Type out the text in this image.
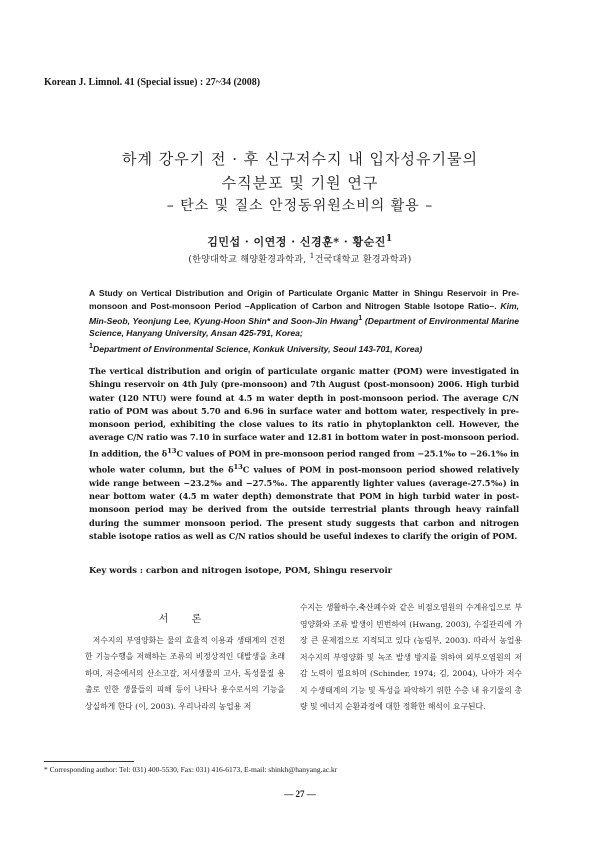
Korean J. Limnol. 41 (Special issue) : 27~34 (2008)
하계 강우기 전 · 후 신구저수지 내 입자성유기물의
수직분포 및 기원 연구
– 탄소 및 질소 안정동위원소비의 활용 –
김민섭 · 이연정 · 신경훈* · 황순진$^1$
(한양대학교 해양환경과학과, $^1$건국대학교 환경과학과)
A Study on Vertical Distribution and Origin of Particulate Organic Matter in Shingu Reservoir in Pre-monsoon and Post-monsoon Period –Application of Carbon and Nitrogen Stable Isotope Ratio–. Kim, Min-Seob, Yeonjung Lee, Kyung-Hoon Shin* and Soon-Jin Hwang$^1$ (Department of Environmental Marine Science, Hanyang University, Ansan 425-791, Korea;
$^1$Department of Environmental Science, Konkuk University, Seoul 143-701, Korea)
The vertical distribution and origin of particulate organic matter (POM) were investigated in Shingu reservoir on 4th July (pre-monsoon) and 7th August (post-monsoon) 2006. High turbid water (120 NTU) were found at 4.5 m water depth in post-monsoon period. The average C/N ratio of POM was about 5.70 and 6.96 in surface water and bottom water, respectively in pre-monsoon period, exhibiting the close values to its ratio in phytoplankton cell. However, the average C/N ratio was 7.10 in surface water and 12.81 in bottom water in post-monsoon period. In addition, the $\delta^{13}C$ values of POM in pre-monsoon period ranged from −25.1‰ to −26.1‰ in whole water column, but the $\delta^{13}C$ values of POM in post-monsoon period showed relatively wide range between −23.2‰ and −27.5‰. The apparently lighter values (average-27.5‰) in near bottom water (4.5 m water depth) demonstrate that POM in high turbid water in post-monsoon period may be derived from the outside terrestrial plants through heavy rainfall during the summer monsoon period. The present study suggests that carbon and nitrogen stable isotope ratios as well as C/N ratios should be useful indexes to clarify the origin of POM.
Key words : carbon and nitrogen isotope, POM, Shingu reservoir
서 론
저수지의 부영양화는 물의 효율적 이용과 생태계의 건전한 기능수행을 저해하는 조류의 비정상적인 대발생을 초래하며, 저층에서의 산소고갈, 저서생물의 고사, 독성물질 용출로 인한 생물들의 피해 등이 나타나 용수로서의 기능을 상실하게 한다 (이, 2003). 우리나라의 농업용 저
수지는 생활하수,축산폐수와 같은 비점오염원의 수계유입으로 부영양화와 조류 발생이 빈번하여 (Hwang, 2003), 수질관리에 가장 큰 문제점으로 지적되고 있다 (농림부, 2003). 따라서 농업용 저수지의 부영양화 및 녹조 발생 방지를 위하여 외부오염원의 저감 노력이 필요하며 (Schinder, 1974; 김, 2004), 나아가 저수지 수생태계의 기능 및 특성을 파악하기 위한 수층 내 유기물의 총량 및 에너지 순환과정에 대한 정확한 해석이 요구된다.
* Corresponding author: Tel: 031) 400-5530, Fax: 031) 416-6173, E-mail: shinkh@hanyang.ac.kr
— 27 —
